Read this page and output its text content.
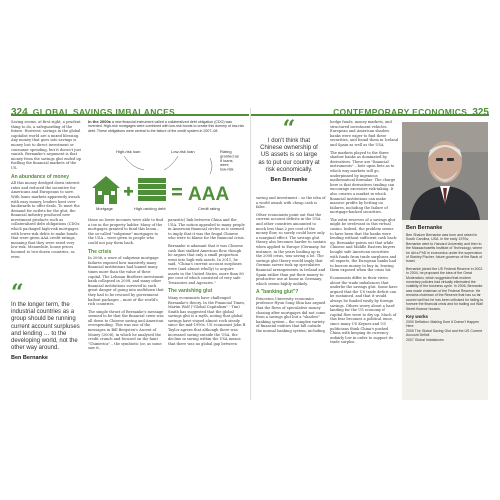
324 GLOBAL SAVINGS IMBALANCES	CONTEMPORARY ECONOMICS 325

Saving seems, at first sight, a prudent thing to do, a safeguarding of the future. However, savings in the global capitalist world are a mixed blessing. Any money that goes into savings is money lost to direct investment or consumer spending, but it doesn't just vanish. Bernanke's argument is that money from the savings glut ended up fuelling the financial markets of the US.

An abundance of money

All this money dredged down interest rates and reduced the incentive for Americans and Europeans to save. With loans markets apparently awash with easy money, lenders bent over backwards to offer deals. To meet the demand for outlets for the glut, the financial industry produced new investment products such as collateralized debt obligations (CDOs: which packaged high-risk mortgages with lower-risk debts to make bonds that were given AAA credit ratings, meaning that they were rated very low-risk. Meanwhile, house prices boomed to two-dozen countries, as even

“
In the longer term, the industrial countries as a group should be running current account surpluses and lending … to the developing world, not the other way around.
Ben Bernanke
In the 2000s a new financial instrument called a collateralized debt obligation (CDO) was invented. High-risk mortgages were combined with low-risk bonds to create this dummy of low-risk debt. These obligations were central to the failure of the credit system in 2007–08.
High-risk loan	Low-risk loan	Rating granted as if loans were low-risk
AAA
Mortgage	High-ranking debt	Credit rating

those on lower incomes were able to find a toe in the property ladder. Many of the mortgages granted to fund this boom – the so-called "subprime" mortgages to the USA – were given to people who could not pay them back.

The crisis

In 2006, a wave of subprime mortgage failures exposed how massively many financial institutions had loaned many times more than the value of their capital. The Lehman Brothers investment bank collapsed in 2008, and many other financial institutions survived in such great danger of going into meltdown that they had to be rescued by government bailout packages – most of the world's rich countries.

The simple thrust of Bernanke's message seemed to be that the financial crisis was all down to Chinese saving and American overspending. This was one of the messages in Bill Bergsten's Ascent of Money (2008), in which he analysed the credit crunch and focused on the faint "Chimerica" – the symbiotic (or, as some saw it,

parasitic) link between China and the USA. The notion appealed to many people in American financial circles as it seemed to imply that it was the frugal Chinese who were to blame for the financial crisis.

Bernanke is adamant that it was Chinese cash that stalked American flow, though he argues that only a small proportion went into high-risk assets. In 2011, he said, "China's current account surpluses were (and almost wholly) to acquire assets in the United States, more than 80 per cent of which consisted of very safe Treasuries and Agencies."

The vanishing glut

Many economists have challenged Bernanke's theory. In the Financial Times, Martin Wolf ("Global Capitalism" - Tim) Smith has suggested that the global savings glut is a myth, noting that global savings have stayed almost rock steady since the mid-1990s. US economist John B Taylor agrees that although there was increased saving outside the USA, the decline in saving within the USA means that there was no global gap between

“
I don't think that Chinese ownership of US assets is so large as to put our country at risk economically.
Ben Bernanke

saving and investment – so the idea of a world awash with cheap cash is false.

Other economists point out that the current account deficits in the USA and other countries amounted to much less than 2 per cent of the money flow, so surely could have only a marginal effect. The savings glut theory also becomes harder to sustain when applied to Europe (Germany, for instance, in the years leading up to the 2008 crisis, was saving a lot. The savings glut theory would imply that German savers took up speculative financial arrangements in Ireland and Spain rather than put their money to productive use at home in Germany, which seems highly unlikely.

A "banking glut"?

Princeton University economics professor Hyun Song Shin has argued that the flows of speculative money chasing after mortgages did not come from a savings glut but a "shadow" banking system – the complex variety of financial entities that fall outside the normal banking system, including

hedge funds, money markets, and structured investment vehicles. European and American shadow banks were eager to find these securities, and found them in Iceland and Spain as well as the USA.

The markets played to the three shadow banks as dominated by derivatives. These are "financial instruments" – bets upon bets as to which way markets will go, underpinned by ingenious mathematical formulae. The charge here is that derivatives trading can encourage excessive risk-taking. It also creates a market in which financial institutions can make massive profits by betting on failures, including the failure of mortgage-backed securities.

The extra reserves of a savings glut might be irrelevant in this virtual casino. Indeed, the problem seems to have been that the banks were lending without sufficient cash back-up. Bernanke points out that while Chinese and Middle Eastern buyers bought safe American securities with funds from trade surpluses and oil exports, the European banks had to borrow money to buy in, leaving them exposed when the crisis hit.

Economists differ in their views about the trade imbalances that underlie the savings glut. Some have argued that the US trade deficit can be sustained, and that it would always be funded easily by foreign savings. Others worry about a hard landing for the US economy if capital flow were to dry up. Much of this fear becomes a political issue, since many US Keynes and US politicians think China's pushed China with keeping its currency unfairly low in order to support its trade surplus.

Ben Bernanke

Ben Shalom Bernanke was born and raised in South Carolina, USA. In the early 1970s, Bernanke went to Harvard University and then to the Massachusetts Institute of Technology, where he did a PhD in economics under the supervision of Stanley Fischer, future governor of the Bank of Israel.

Bernanke joined the US Federal Reserve in 2002. In 2004, he proposed the idea of the Great Moderation, which suggested that modern monetary policies had virtually eliminated the volatility of the business cycle. In 2006, Bernanke was made chairman of the Federal Reserve. He remains chairman of the Reserve that has so far scored well but he has been criticised for failing to foresee the financial crisis and for bailing out Wall Street finance houses.

Key works
2000 Deflation: Making Sure It Doesn't Happen Here
2005 The Global Saving Glut and the US Current Account Deficit
2007 Global Imbalances
